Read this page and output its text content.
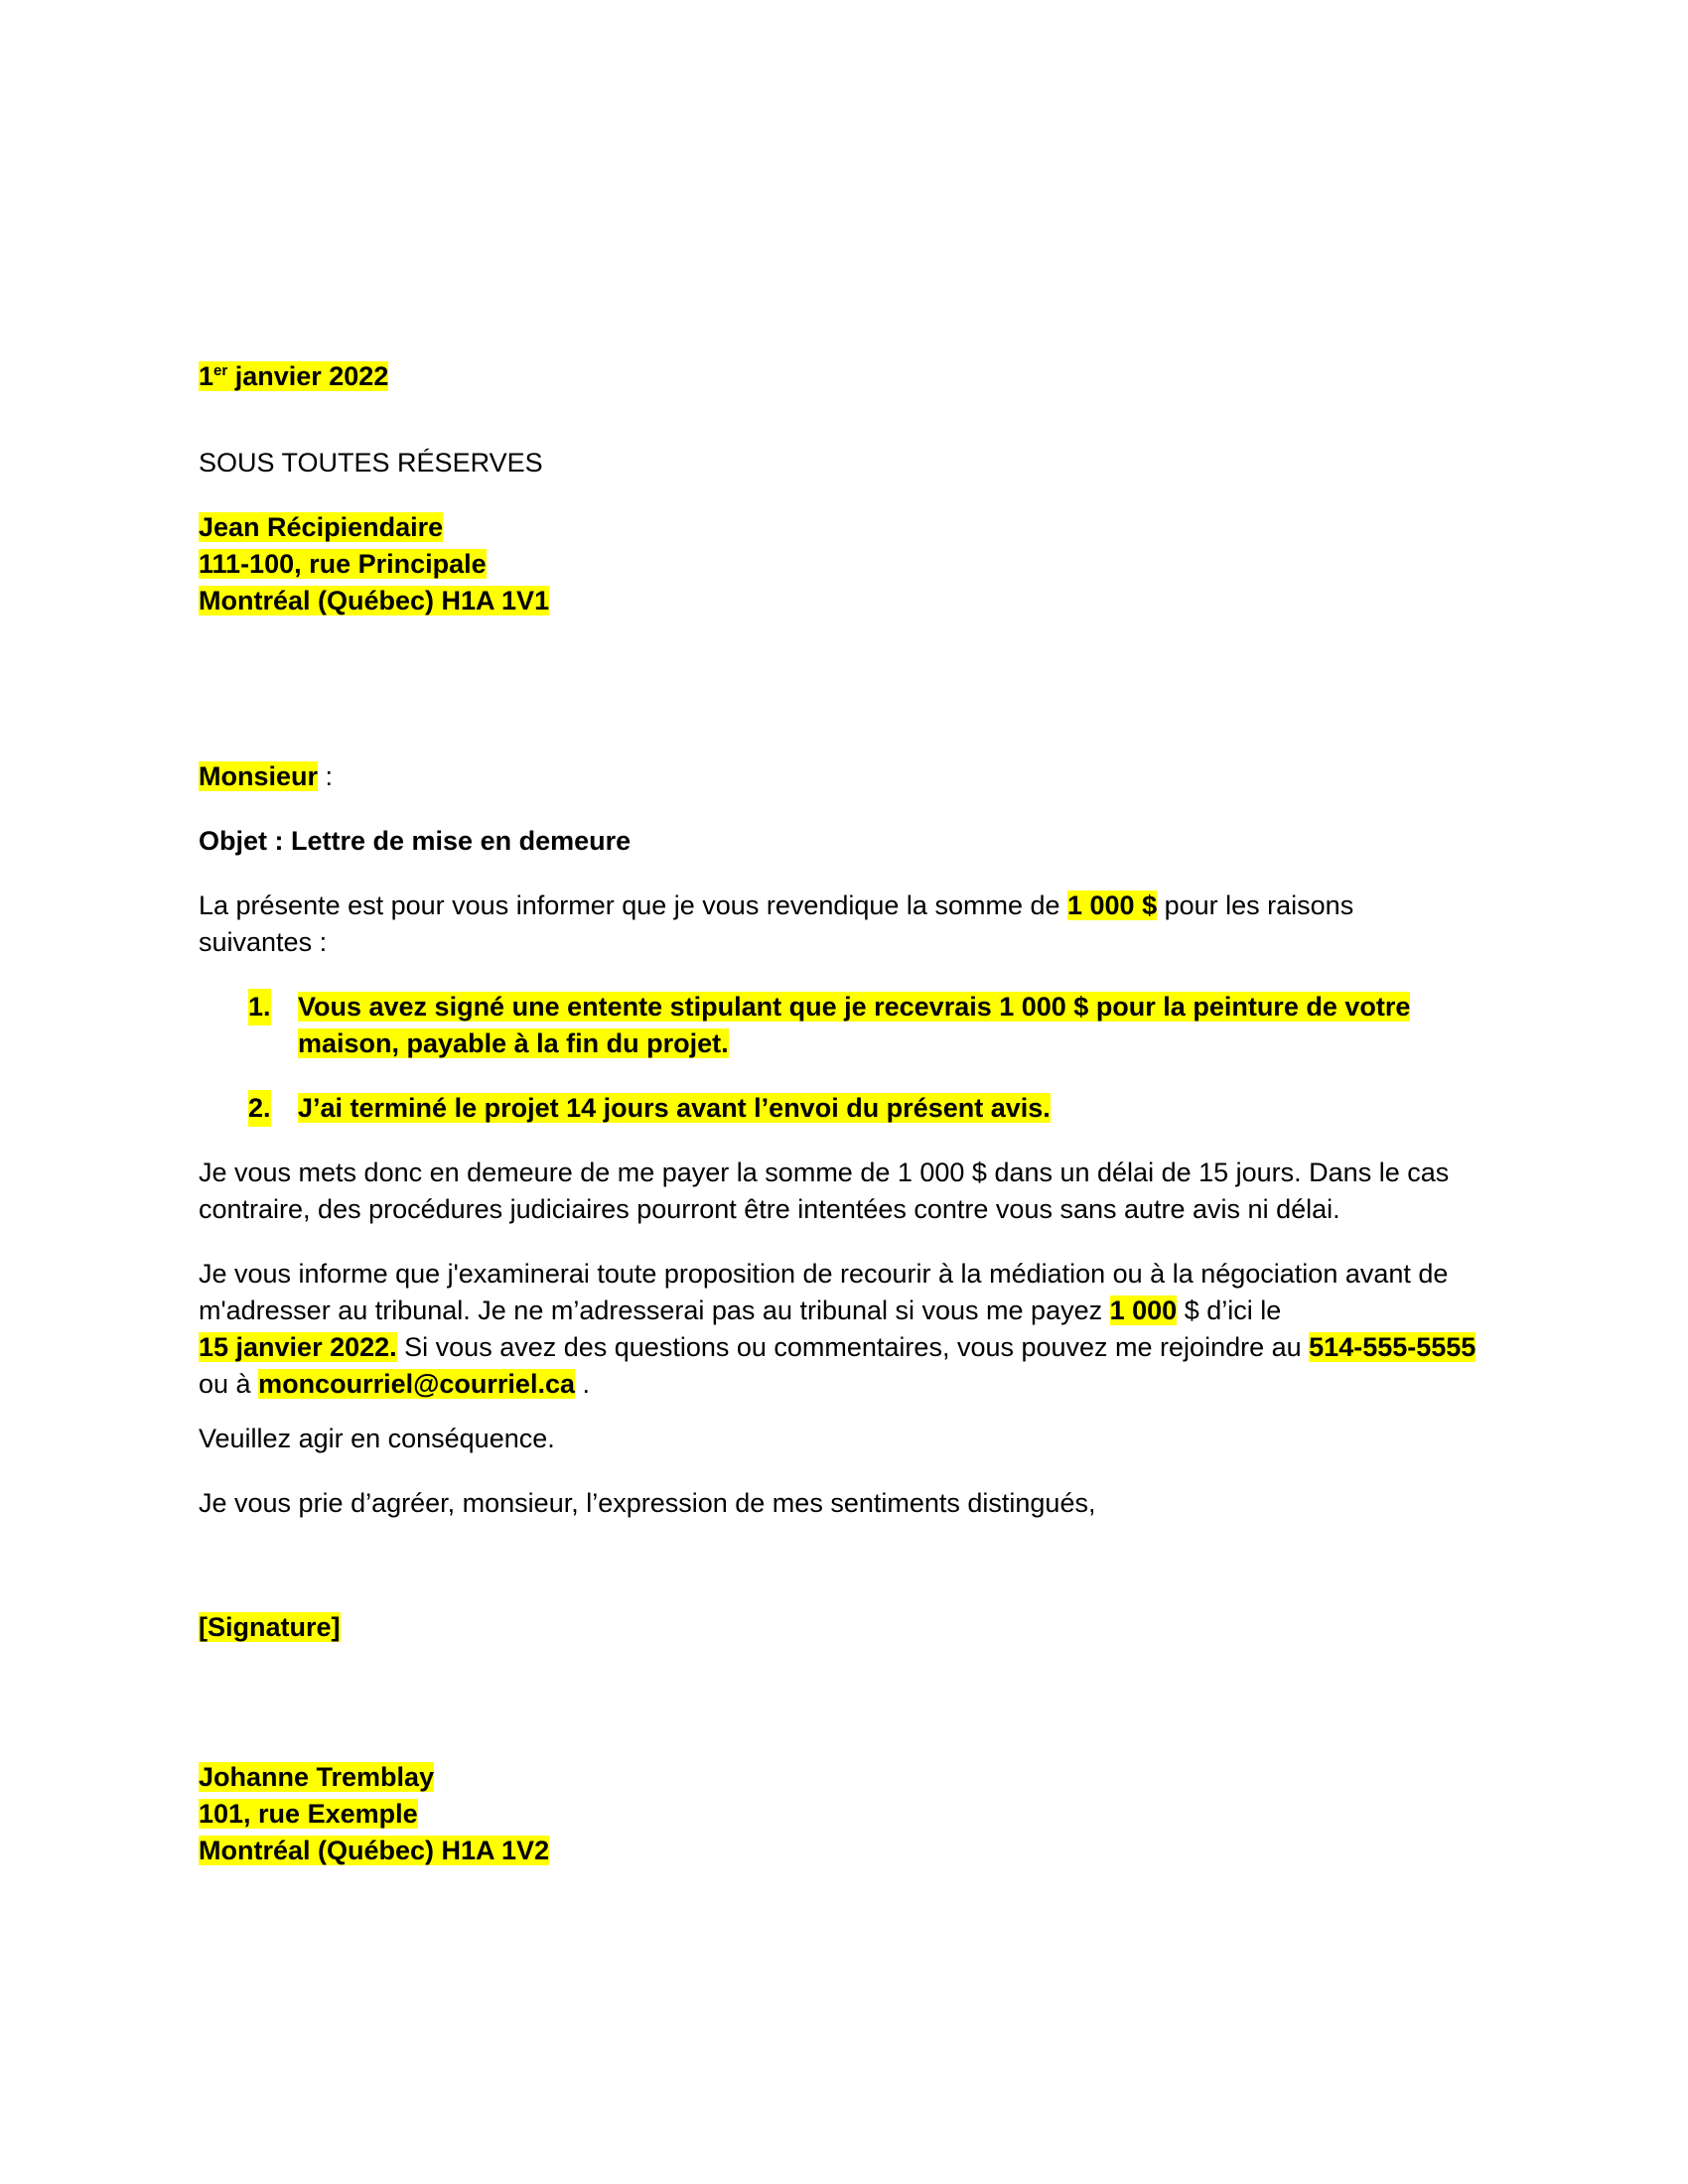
1er janvier 2022

SOUS TOUTES RÉSERVES

Jean Récipiendaire
111-100, rue Principale
Montréal (Québec) H1A 1V1

Monsieur :

Objet : Lettre de mise en demeure

La présente est pour vous informer que je vous revendique la somme de 1 000 $ pour les raisons suivantes :

1. Vous avez signé une entente stipulant que je recevrais 1 000 $ pour la peinture de votre maison, payable à la fin du projet.
2. J’ai terminé le projet 14 jours avant l’envoi du présent avis.

Je vous mets donc en demeure de me payer la somme de 1 000 $ dans un délai de 15 jours. Dans le cas contraire, des procédures judiciaires pourront être intentées contre vous sans autre avis ni délai.

Je vous informe que j'examinerai toute proposition de recourir à la médiation ou à la négociation avant de m'adresser au tribunal. Je ne m’adresserai pas au tribunal si vous me payez 1 000 $ d’ici le
15 janvier 2022. Si vous avez des questions ou commentaires, vous pouvez me rejoindre au 514-555-5555 ou à moncourriel@courriel.ca .

Veuillez agir en conséquence.

Je vous prie d’agréer, monsieur, l’expression de mes sentiments distingués,

[Signature]

Johanne Tremblay
101, rue Exemple
Montréal (Québec) H1A 1V2
